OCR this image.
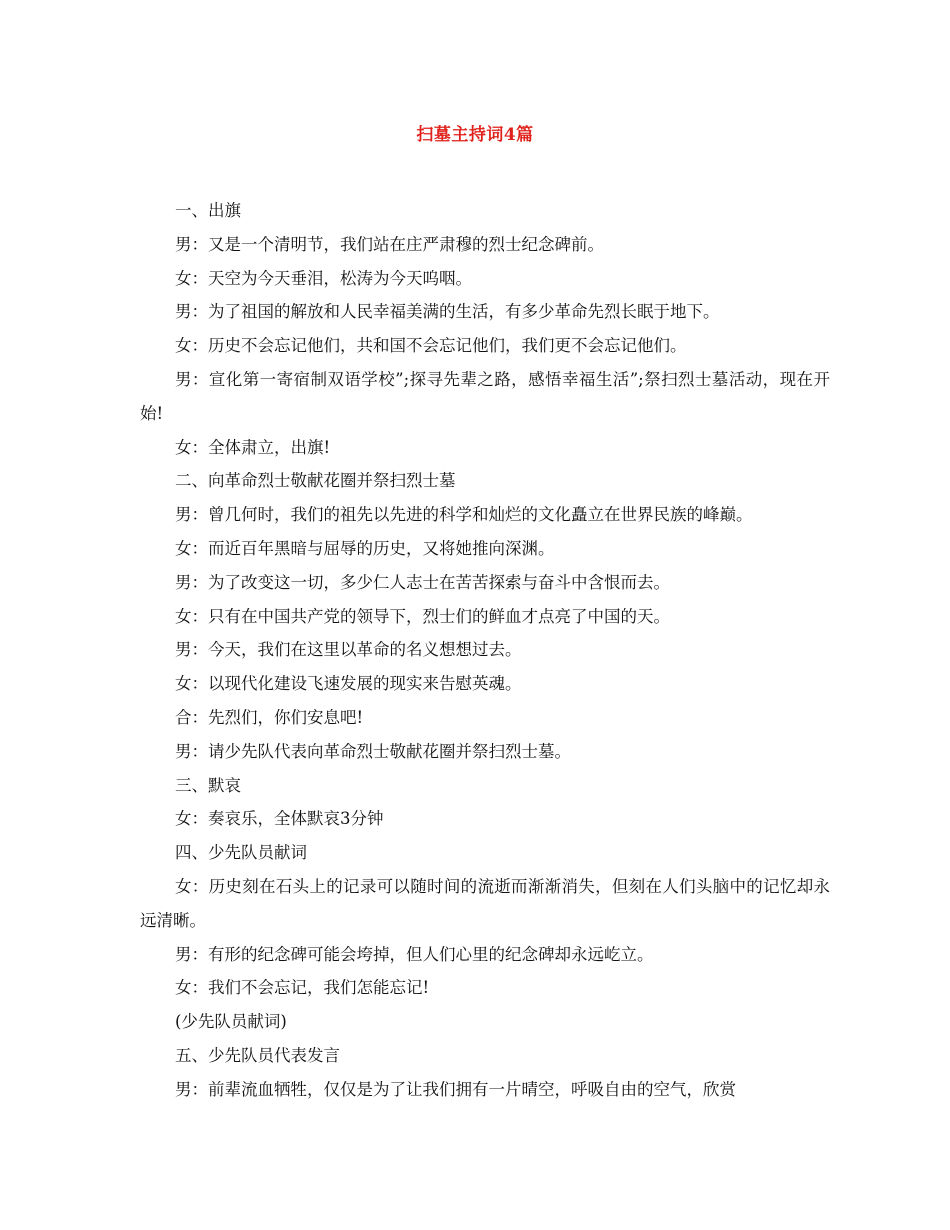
扫墓主持词4篇

一、出旗

男：又是一个清明节，我们站在庄严肃穆的烈士纪念碑前。

女：天空为今天垂泪，松涛为今天呜咽。

男：为了祖国的解放和人民幸福美满的生活，有多少革命先烈长眠于地下。

女：历史不会忘记他们，共和国不会忘记他们，我们更不会忘记他们。

男：宣化第一寄宿制双语学校”;探寻先辈之路，感悟幸福生活”;祭扫烈士墓活动，现在开始!

女：全体肃立，出旗!

二、向革命烈士敬献花圈并祭扫烈士墓

男：曾几何时，我们的祖先以先进的科学和灿烂的文化矗立在世界民族的峰巅。

女：而近百年黑暗与屈辱的历史，又将她推向深渊。

男：为了改变这一切，多少仁人志士在苦苦探索与奋斗中含恨而去。

女：只有在中国共产党的领导下，烈士们的鲜血才点亮了中国的天。

男：今天，我们在这里以革命的名义想想过去。

女：以现代化建设飞速发展的现实来告慰英魂。

合：先烈们，你们安息吧!

男：请少先队代表向革命烈士敬献花圈并祭扫烈士墓。

三、默哀

女：奏哀乐，全体默哀3分钟

四、少先队员献词

女：历史刻在石头上的记录可以随时间的流逝而渐渐消失，但刻在人们头脑中的记忆却永远清晰。

男：有形的纪念碑可能会垮掉，但人们心里的纪念碑却永远屹立。

女：我们不会忘记，我们怎能忘记!

(少先队员献词)

五、少先队员代表发言

男：前辈流血牺牲，仅仅是为了让我们拥有一片晴空，呼吸自由的空气，欣赏
